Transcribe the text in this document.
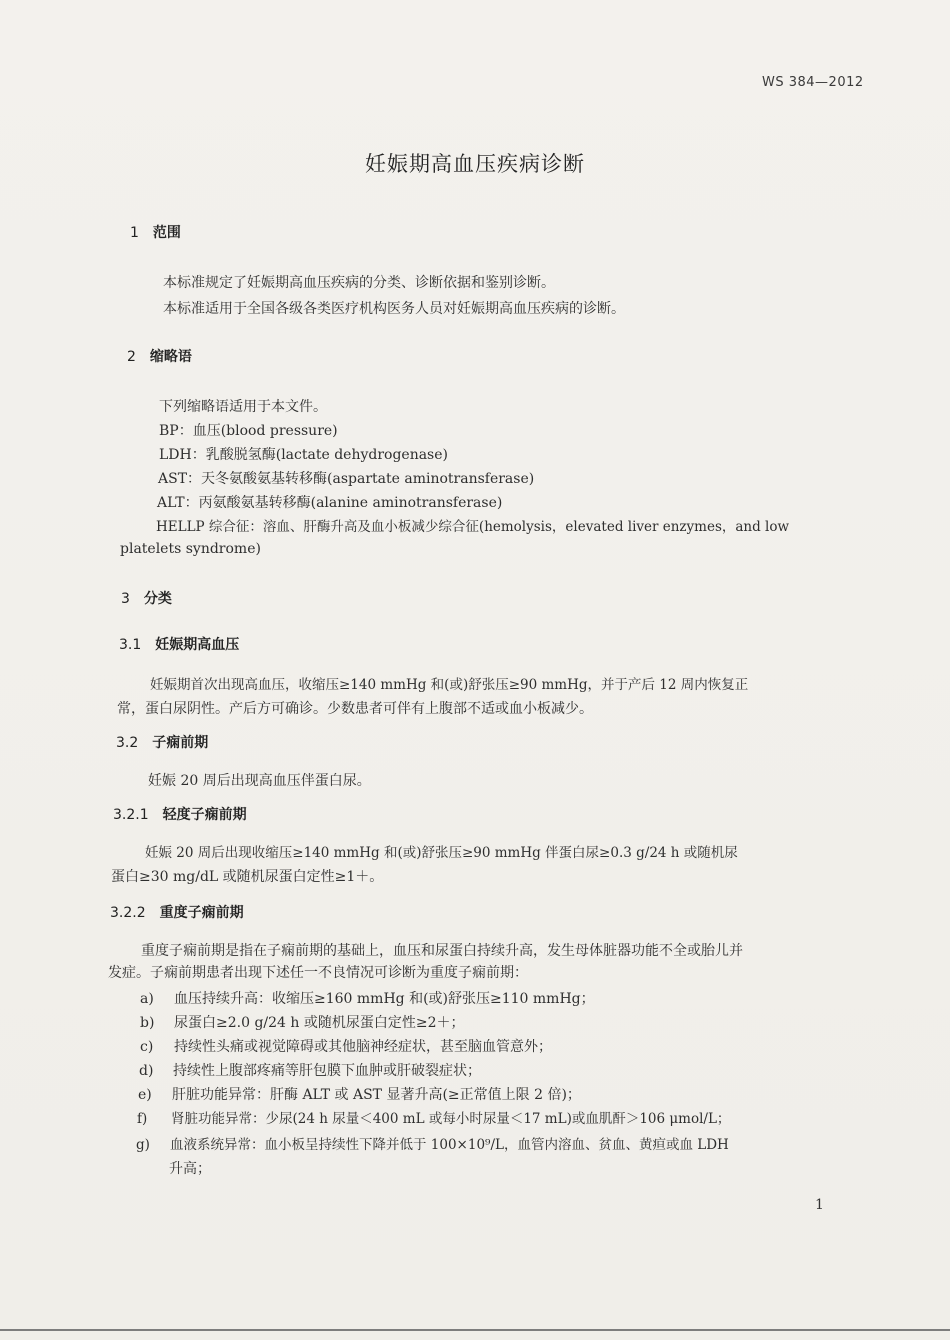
WS 384—2012
妊娠期高血压疾病诊断
1 范围
本标准规定了妊娠期高血压疾病的分类、诊断依据和鉴别诊断。
本标准适用于全国各级各类医疗机构医务人员对妊娠期高血压疾病的诊断。
2 缩略语
下列缩略语适用于本文件。
BP：血压(blood pressure)
LDH：乳酸脱氢酶(lactate dehydrogenase)
AST：天冬氨酸氨基转移酶(aspartate aminotransferase)
ALT：丙氨酸氨基转移酶(alanine aminotransferase)
HELLP 综合征：溶血、肝酶升高及血小板减少综合征(hemolysis，elevated liver enzymes，and low
platelets syndrome)
3 分类
3.1 妊娠期高血压
妊娠期首次出现高血压，收缩压≥140 mmHg 和(或)舒张压≥90 mmHg，并于产后 12 周内恢复正
常，蛋白尿阴性。产后方可确诊。少数患者可伴有上腹部不适或血小板减少。
3.2 子痫前期
妊娠 20 周后出现高血压伴蛋白尿。
3.2.1 轻度子痫前期
妊娠 20 周后出现收缩压≥140 mmHg 和(或)舒张压≥90 mmHg 伴蛋白尿≥0.3 g/24 h 或随机尿
蛋白≥30 mg/dL 或随机尿蛋白定性≥1＋。
3.2.2 重度子痫前期
重度子痫前期是指在子痫前期的基础上，血压和尿蛋白持续升高，发生母体脏器功能不全或胎儿并
发症。子痫前期患者出现下述任一不良情况可诊断为重度子痫前期：
a) 血压持续升高：收缩压≥160 mmHg 和(或)舒张压≥110 mmHg；
b) 尿蛋白≥2.0 g/24 h 或随机尿蛋白定性≥2＋；
c) 持续性头痛或视觉障碍或其他脑神经症状，甚至脑血管意外；
d) 持续性上腹部疼痛等肝包膜下血肿或肝破裂症状；
e) 肝脏功能异常：肝酶 ALT 或 AST 显著升高(≥正常值上限 2 倍)；
f) 肾脏功能异常：少尿(24 h 尿量＜400 mL 或每小时尿量＜17 mL)或血肌酐＞106 μmol/L；
g) 血液系统异常：血小板呈持续性下降并低于 100×10⁹/L，血管内溶血、贫血、黄疸或血 LDH
升高；
1
